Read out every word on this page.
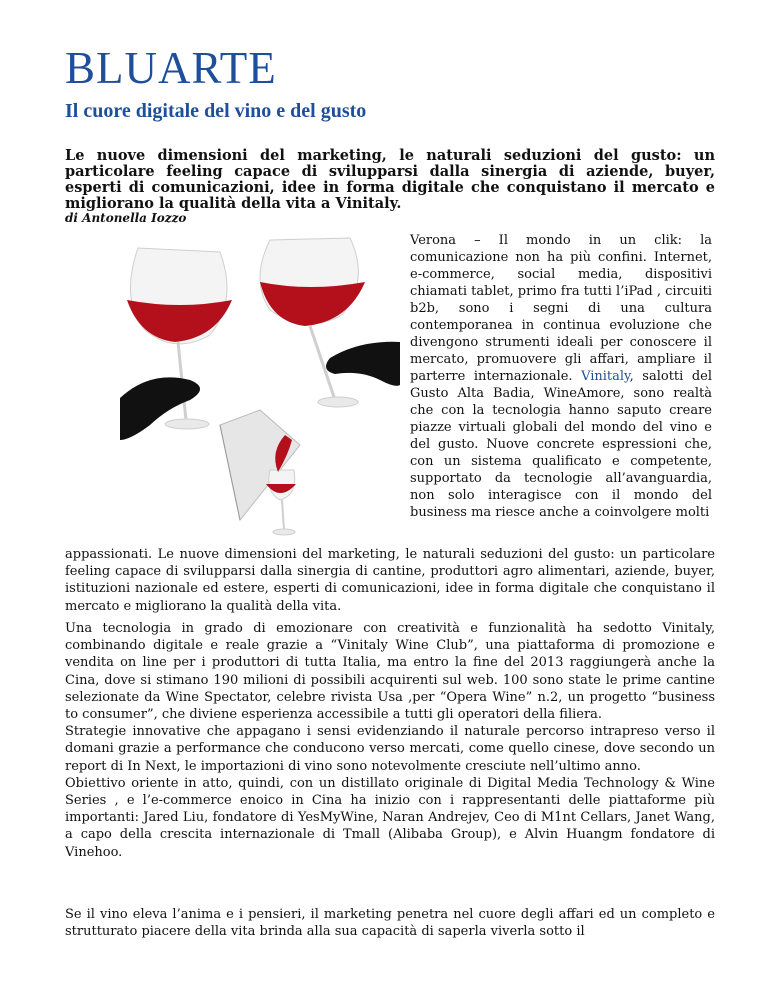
BLUARTE
Il cuore digitale del vino e del gusto
Le nuove dimensioni del marketing, le naturali seduzioni del gusto: un particolare feeling capace di svilupparsi dalla sinergia di aziende, buyer, esperti di comunicazioni, idee in forma digitale che conquistano il mercato e migliorano la qualità della vita a Vinitaly.
di Antonella Iozzo

Verona – Il mondo in un clik: la comunicazione non ha più confini. Internet, e-commerce, social media, dispositivi chiamati tablet, primo fra tutti l’iPad , circuiti b2b, sono i segni di una cultura contemporanea in continua evoluzione che divengono strumenti ideali per conoscere il mercato, promuovere gli affari, ampliare il parterre internazionale. Vinitaly, salotti del Gusto Alta Badia, WineAmore, sono realtà che con la tecnologia hanno saputo creare piazze virtuali globali del mondo del vino e del gusto. Nuove concrete espressioni che, con un sistema qualificato e competente, supportato da tecnologie all’avanguardia, non solo interagisce con il mondo del business ma riesce anche a coinvolgere molti

appassionati. Le nuove dimensioni del marketing, le naturali seduzioni del gusto: un particolare feeling capace di svilupparsi dalla sinergia di cantine, produttori agro alimentari, aziende, buyer, istituzioni nazionale ed estere, esperti di comunicazioni, idee in forma digitale che conquistano il mercato e migliorano la qualità della vita.

Una tecnologia in grado di emozionare con creatività e funzionalità ha sedotto Vinitaly, combinando digitale e reale grazie a “Vinitaly Wine Club”, una piattaforma di promozione e vendita on line per i produttori di tutta Italia, ma entro la fine del 2013 raggiungerà anche la Cina, dove si stimano 190 milioni di possibili acquirenti sul web. 100 sono state le prime cantine selezionate da Wine Spectator, celebre rivista Usa ,per “Opera Wine” n.2, un progetto “business to consumer”, che diviene esperienza accessibile a tutti gli operatori della filiera.

Strategie innovative che appagano i sensi evidenziando il naturale percorso intrapreso verso il domani grazie a performance che conducono verso mercati, come quello cinese, dove secondo un report di In Next, le importazioni di vino sono notevolmente cresciute nell’ultimo anno.

Obiettivo oriente in atto, quindi, con un distillato originale di Digital Media Technology & Wine Series , e l’e-commerce enoico in Cina ha inizio con i rappresentanti delle piattaforme più importanti: Jared Liu, fondatore di YesMyWine, Naran Andrejev, Ceo di M1nt Cellars, Janet Wang, a capo della crescita internazionale di Tmall (Alibaba Group), e Alvin Huangm fondatore di Vinehoo.

Se il vino eleva l’anima e i pensieri, il marketing penetra nel cuore degli affari ed un completo e strutturato piacere della vita brinda alla sua capacità di saperla viverla sotto il
